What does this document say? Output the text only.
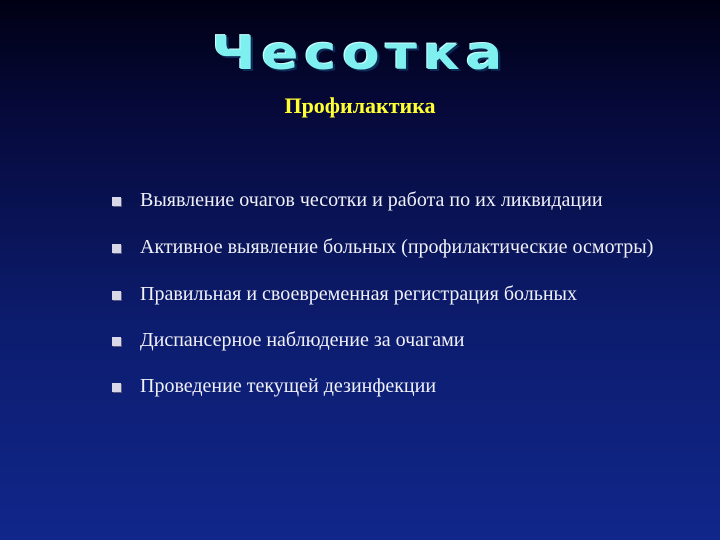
Чесотка
Профилактика
Выявление очагов чесотки и работа по их ликвидации
Активное выявление больных (профилактические осмотры)
Правильная и своевременная регистрация больных
Диспансерное наблюдение за очагами
Проведение текущей дезинфекции
